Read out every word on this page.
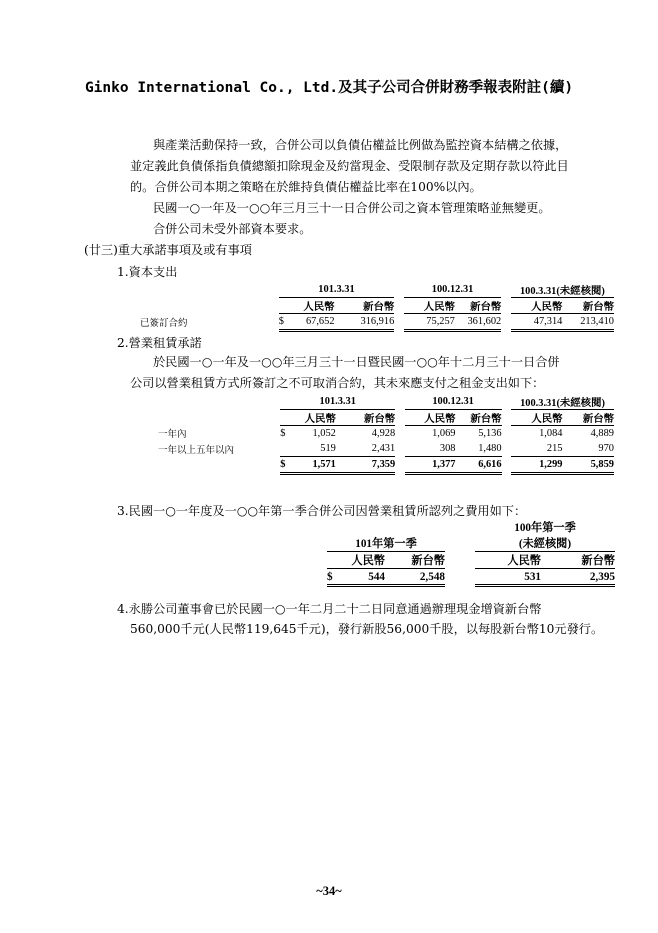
Ginko International Co., Ltd.及其子公司合併財務季報表附註(續)
與產業活動保持一致，合併公司以負債佔權益比例做為監控資本結構之依據，
並定義此負債係指負債總額扣除現金及約當現金、受限制存款及定期存款以符此目
的。合併公司本期之策略在於維持負債佔權益比率在100%以內。
民國一○一年及一○○年三月三十一日合併公司之資本管理策略並無變更。
合併公司未受外部資本要求。
(廿三)重大承諾事項及或有事項
1.資本支出
	101.3.31			100.12.31			100.3.31(未經核閱)	
	人民幣	新台幣		人民幣	新台幣		人民幣	新台幣
已簽訂合約	$ 67,652	316,916		75,257	361,602		47,314	213,410
2.營業租賃承諾
於民國一○一年及一○○年三月三十一日暨民國一○○年十二月三十一日合併
公司以營業租賃方式所簽訂之不可取消合約，其未來應支付之租金支出如下：
	101.3.31			100.12.31			100.3.31(未經核閱)	
	人民幣	新台幣		人民幣	新台幣		人民幣	新台幣
一年內	$ 1,052	4,928		1,069	5,136		1,084	4,889
一年以上五年以內	519	2,431		308	1,480		215	970

	$ 1,571	7,359		1,377	6,616		1,299	5,859
3.民國一○一年度及一○○年第一季合併公司因營業租賃所認列之費用如下：
			100年第一季	
101年第一季			(未經核閱)	
人民幣	新台幣		人民幣	新台幣

$ 544	2,548		531	2,395
4.永勝公司董事會已於民國一○一年二月二十二日同意通過辦理現金增資新台幣
560,000千元(人民幣119,645千元)，發行新股56,000千股，以每股新台幣10元發行。
~34~
